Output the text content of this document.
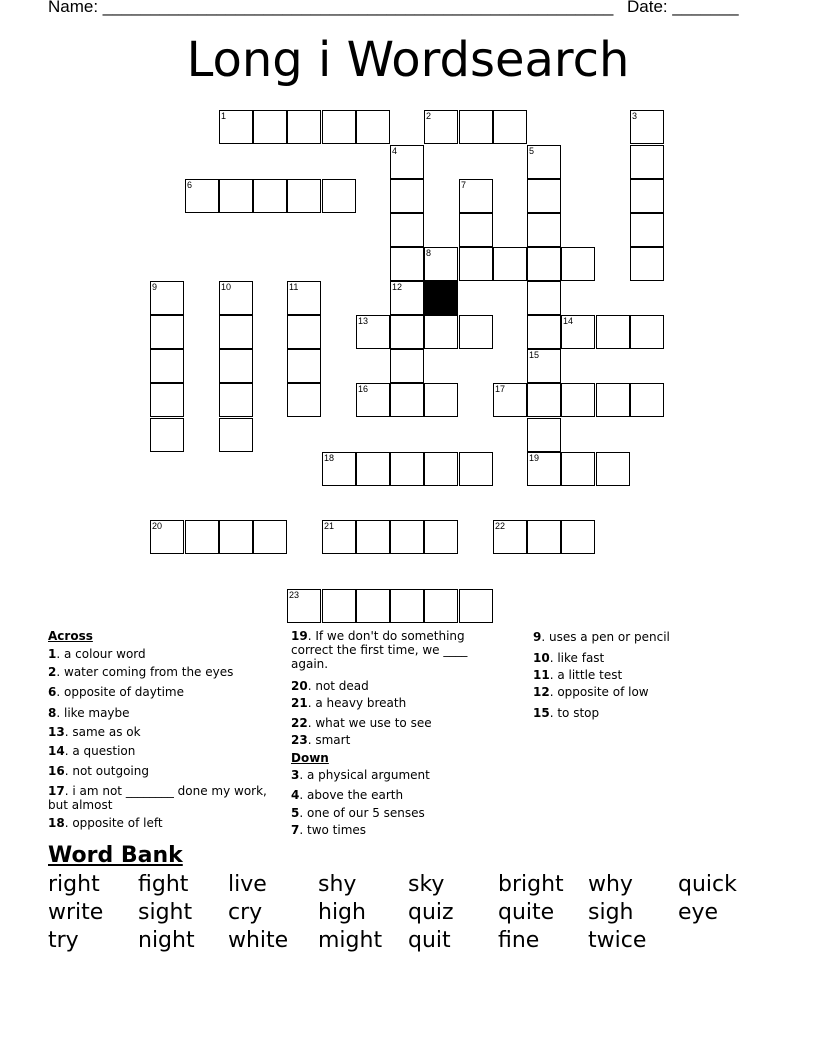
Name: ______________________________________________________ Date: _______
Long i Wordsearch
1	2	3
4	5
6	7
8
9	10	11	12
13	14
15
19
16	17
18
20	21	22
23
Across
1. a colour word
2. water coming from the eyes
6. opposite of daytime
8. like maybe
13. same as ok
14. a question
16. not outgoing
17. i am not ________ done my work, but almost
18. opposite of left
19. If we don't do something correct the first time, we ____ again.
20. not dead
21. a heavy breath
22. what we use to see
23. smart
Down
3. a physical argument
4. above the earth
5. one of our 5 senses
7. two times
9. uses a pen or pencil
10. like fast
11. a little test
12. opposite of low
15. to stop
Word Bank
right fight live shy sky bright why quick
write sight cry	high quiz quite sigh eye
try	night white might quit fine twice
